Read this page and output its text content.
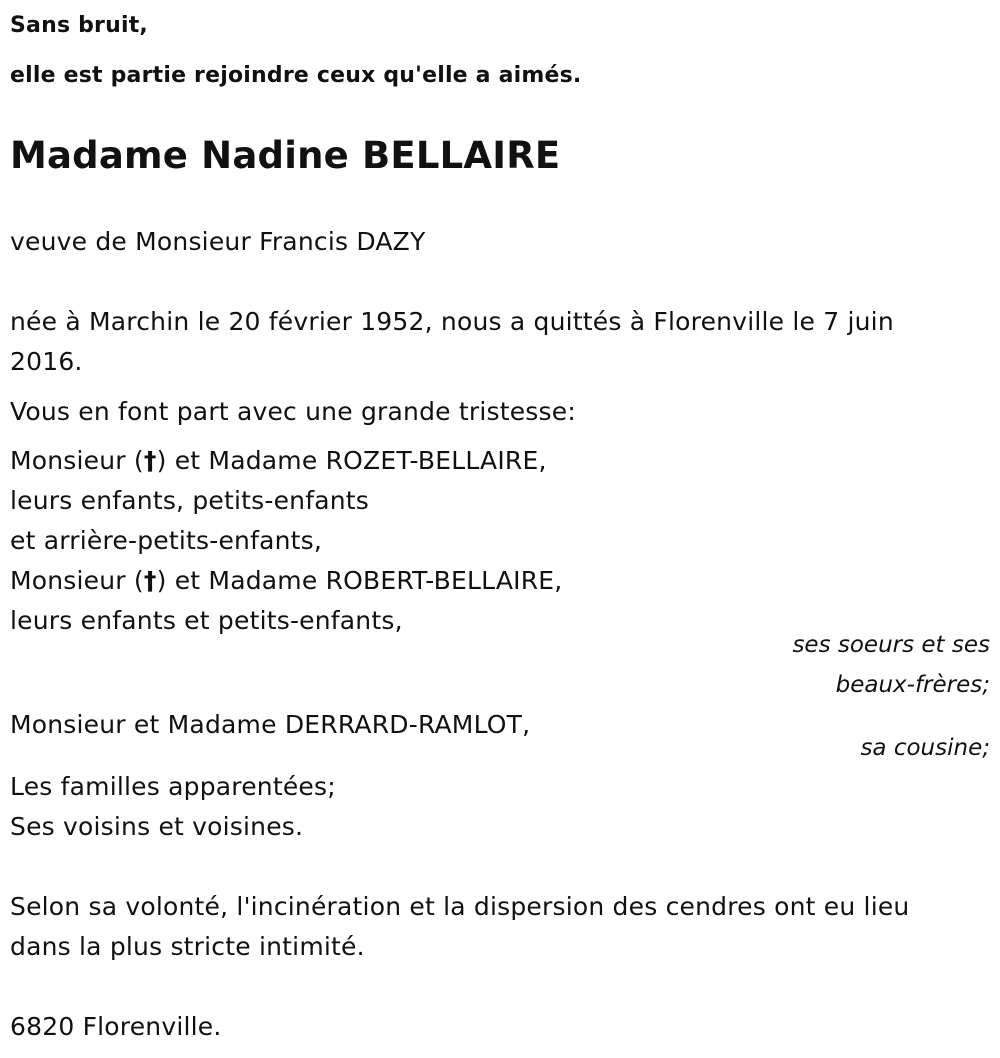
Sans bruit,

elle est partie rejoindre ceux qu'elle a aimés.

Madame Nadine BELLAIRE

veuve de Monsieur Francis DAZY

née à Marchin le 20 février 1952, nous a quittés à Florenville le 7 juin

2016.

Vous en font part avec une grande tristesse:

Monsieur (†) et Madame ROZET-BELLAIRE,

leurs enfants, petits-enfants

et arrière-petits-enfants,

Monsieur (†) et Madame ROBERT-BELLAIRE,

leurs enfants et petits-enfants,

ses soeurs et ses

beaux-frères;

Monsieur et Madame DERRARD-RAMLOT,

sa cousine;

Les familles apparentées;

Ses voisins et voisines.

Selon sa volonté, l'incinération et la dispersion des cendres ont eu lieu

dans la plus stricte intimité.

6820 Florenville.
